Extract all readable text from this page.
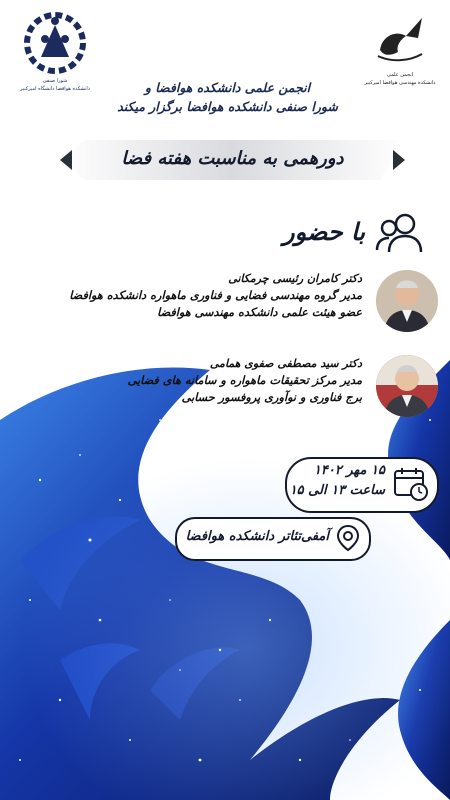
شورا صنفی
دانشکده هوافضا دانشگاه امیرکبیر
انجمن علمی
دانشکده مهندسی هوافضا امیرکبیر
انجمن علمی دانشکده هوافضا و
شورا صنفی دانشکده هوافضا برگزار میکند
دورهمی به مناسبت هفته فضا
با حضور
دکتر کامران رئیسی چرمکانی
مدیر گروه مهندسی فضایی و فناوری ماهواره دانشکده هوافضا
عضو هیئت علمی دانشکده مهندسی هوافضا
دکتر سید مصطفی صفوی همامی
مدیر مرکز تحقیقات ماهواره و سامانه های فضایی
برج فناوری و نوآوری پروفسور حسابی
۱۵ مهر ۱۴۰۲
ساعت ۱۳ الی ۱۵
آمفی‌تئاتر دانشکده هوافضا
